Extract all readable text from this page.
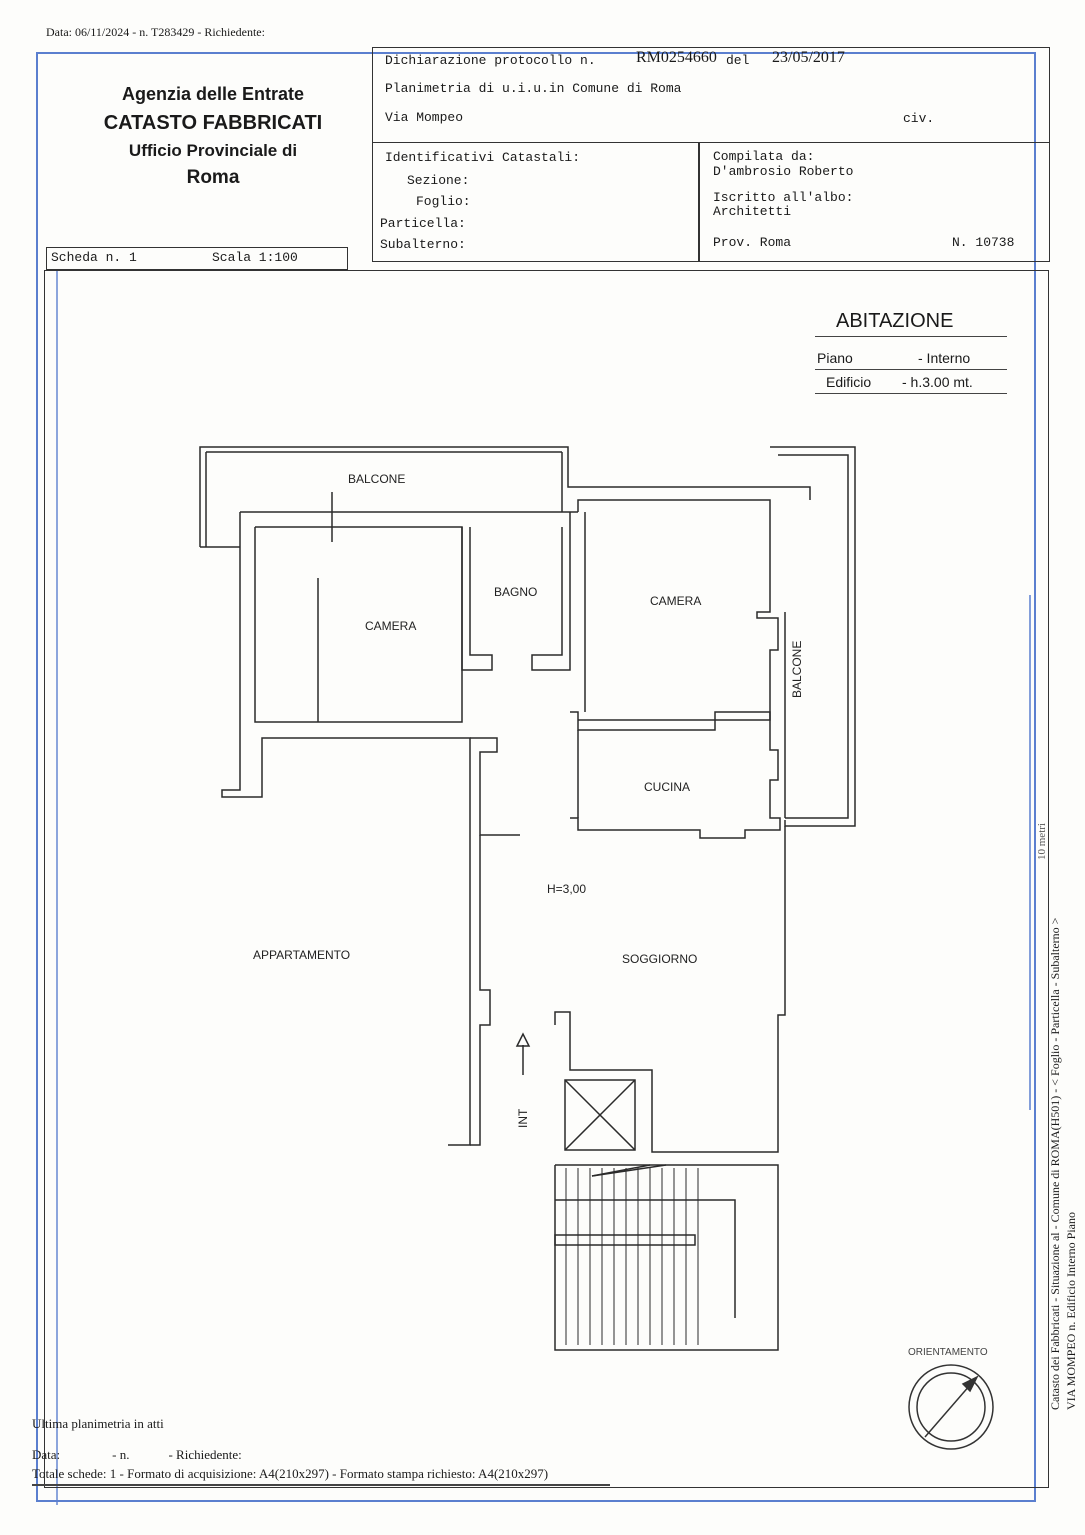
Data: 06/11/2024 - n. T283429 - Richiedente:
Agenzia delle Entrate
CATASTO FABBRICATI
Ufficio Provinciale di
Roma
Dichiarazione protocollo n.	RM0254660 del 23/05/2017
Planimetria di u.i.u.in Comune di Roma
Via Mompeo	civ.
Identificativi Catastali:
Sezione:
Foglio:
Particella:
Subalterno:
Compilata da:
D'ambrosio Roberto
Iscritto all'albo:
Architetti
Prov. Roma	N. 10738
Scheda n. 1	Scala 1:100
ABITAZIONE
Piano	- Interno
Edificio - h.3.00 mt.
BALCONE
CAMERA
BAGNO
CAMERA
BALCONE
CUCINA
H=3,00
SOGGIORNO
APPARTAMENTO
INT
ORIENTAMENTO
10 metri
Catasto dei Fabbricati - Situazione al - Comune di ROMA(H501) - < Foglio - Particella - Subalterno > VIA MOMPEO n. Edificio Interno Piano
Ultima planimetria in atti
Data:                - n.            - Richiedente:
Totale schede: 1 - Formato di acquisizione: A4(210x297) - Formato stampa richiesto: A4(210x297)
